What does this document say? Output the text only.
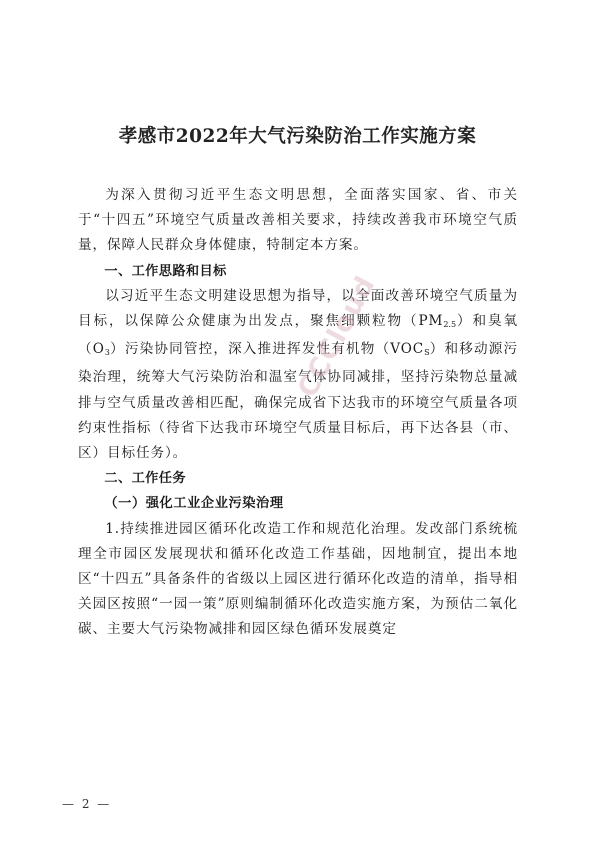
孝感市2022年大气污染防治工作实施方案

为深入贯彻习近平生态文明思想，全面落实国家、省、市关于“十四五”环境空气质量改善相关要求，持续改善我市环境空气质量，保障人民群众身体健康，特制定本方案。

一、工作思路和目标

以习近平生态文明建设思想为指导，以全面改善环境空气质量为目标，以保障公众健康为出发点，聚焦细颗粒物$(PM_{2.5})$和臭氧$(O_3)$污染协同管控，深入推进挥发性有机物$(VOC_S)$和移动源污染治理，统筹大气污染防治和温室气体协同减排，坚持污染物总量减排与空气质量改善相匹配，确保完成省下达我市的环境空气质量各项约束性指标（待省下达我市环境空气质量目标后，再下达各县（市、区）目标任务）。

二、工作任务

（一）强化工业企业污染治理

1.持续推进园区循环化改造工作和规范化治理。发改部门系统梳理全市园区发展现状和循环化改造工作基础，因地制宜，提出本地区“十四五”具备条件的省级以上园区进行循环化改造的清单，指导相关园区按照“一园一策”原则编制循环化改造实施方案，为预估二氧化碳、主要大气污染物减排和园区绿色循环发展奠定

CCCloud
— 2 —
